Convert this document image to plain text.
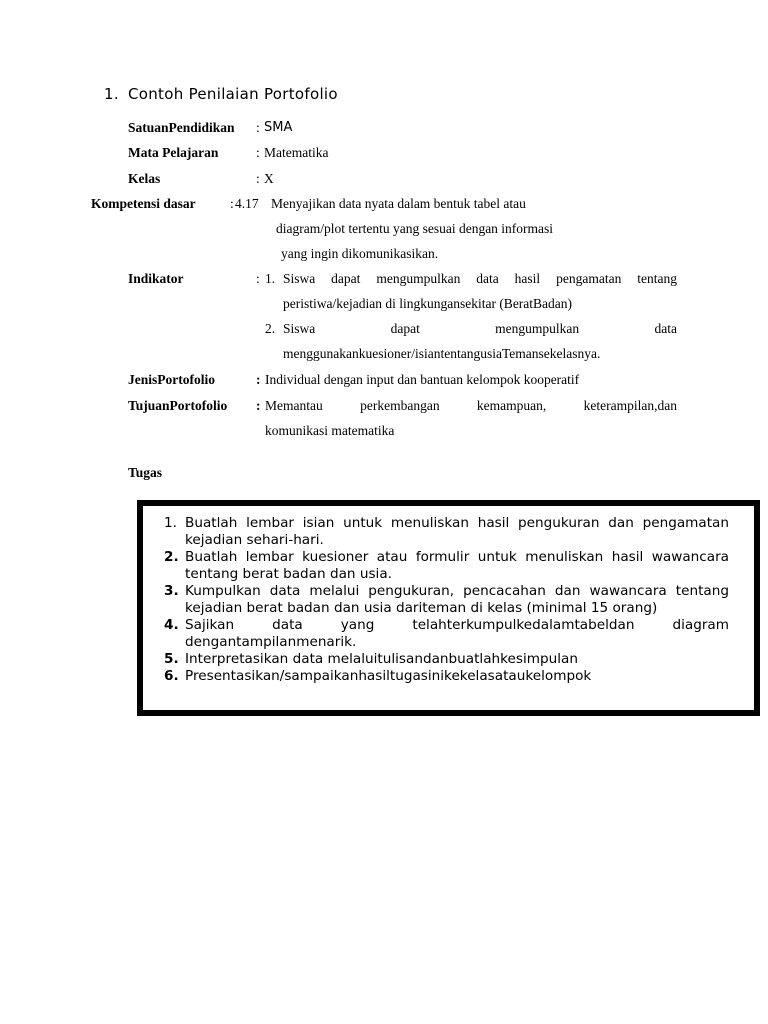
1. Contoh Penilaian Portofolio
SatuanPendidikan : SMA
Mata Pelajaran	: Matematika
Kelas	: X
Kompetensi dasar	: 4.17 Menyajikan data nyata dalam bentuk tabel atau
diagram/plot tertentu yang sesuai dengan informasi
yang ingin dikomunikasikan.
Indikator	: 1. Siswa dapat mengumpulkan data hasil pengamatan tentang
peristiwa/kejadian di lingkungansekitar (BeratBadan)
2. Siswa dapat mengumpulkan data
menggunakankuesioner/isiantentangusiaTemansekelasnya.
JenisPortofolio	: Individual dengan input dan bantuan kelompok kooperatif
TujuanPortofolio : Memantau perkembangan kemampuan, keterampilan,dan
komunikasi matematika
Tugas
1. Buatlah lembar isian untuk menuliskan hasil pengukuran dan pengamatan kejadian sehari-hari.
2. Buatlah lembar kuesioner atau formulir untuk menuliskan hasil wawancara tentang berat badan dan usia.
3. Kumpulkan data melalui pengukuran, pencacahan dan wawancara tentang kejadian berat badan dan usia dariteman di kelas (minimal 15 orang)
4. Sajikan data yang telahterkumpulkedalamtabeldan diagram dengantampilanmenarik.
5. Interpretasikan data melaluitulisandanbuatlahkesimpulan
6. Presentasikan/sampaikanhasiltugasinikekelasataukelompok
